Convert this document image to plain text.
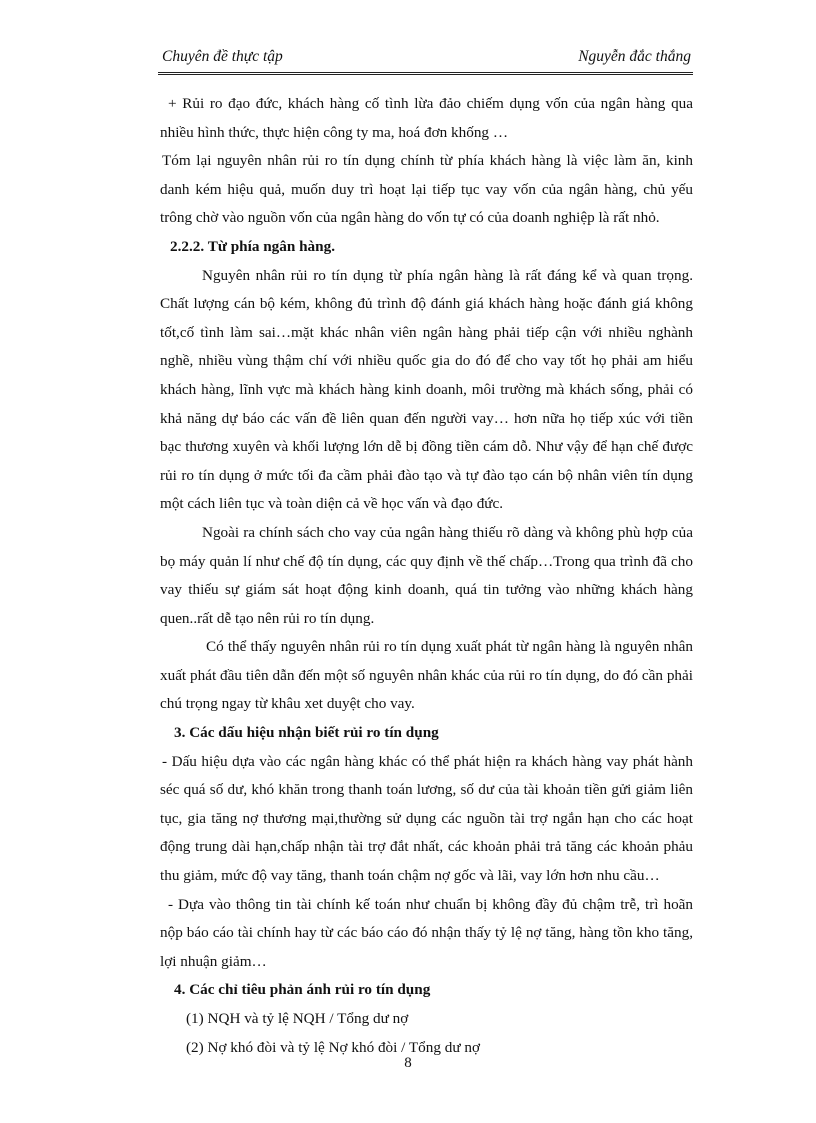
Chuyên đề thực tập	Nguyễn đắc thắng

+ Rủi ro đạo đức, khách hàng cố tình lừa đảo chiếm dụng vốn của ngân hàng qua nhiều hình thức, thực hiện công ty ma, hoá đơn khống …

Tóm lại nguyên nhân rủi ro tín dụng chính từ phía khách hàng là việc làm ăn, kinh danh kém hiệu quả, muốn duy trì hoạt lại tiếp tục vay vốn của ngân hàng, chủ yếu trông chờ vào nguồn vốn của ngân hàng do vốn tự có của doanh nghiệp là rất nhỏ.

2.2.2. Từ phía ngân hàng.

Nguyên nhân rủi ro tín dụng từ phía ngân hàng là rất đáng kể và quan trọng. Chất lượng cán bộ kém, không đủ trình độ đánh giá khách hàng hoặc đánh giá không tốt,cố tình làm sai…mặt khác nhân viên ngân hàng phải tiếp cận với nhiều nghành nghề, nhiều vùng thậm chí với nhiều quốc gia do đó để cho vay tốt họ phải am hiểu khách hàng, lĩnh vực mà khách hàng kinh doanh, môi trường mà khách sống, phải có khả năng dự báo các vấn đề liên quan đến người vay… hơn nữa họ tiếp xúc với tiền bạc thương xuyên và khối lượng lớn dễ bị đồng tiền cám dỗ. Như vậy để hạn chế được rủi ro tín dụng ở mức tối đa cầm phải đào tạo và tự đào tạo cán bộ nhân viên tín dụng một cách liên tục và toàn diện cả về học vấn và đạo đức.

Ngoài ra chính sách cho vay của ngân hàng thiếu rõ dàng và không phù hợp của bọ máy quản lí như chế độ tín dụng, các quy định về thế chấp…Trong qua trình đã cho vay thiếu sự giám sát hoạt động kinh doanh, quá tin tưởng vào những khách hàng quen..rất dễ tạo nên rủi ro tín dụng.

Có thể thấy nguyên nhân rủi ro tín dụng xuất phát từ ngân hàng là nguyên nhân xuất phát đầu tiên dẫn đến một số nguyên nhân khác của rủi ro tín dụng, do đó cần phải chú trọng ngay từ khâu xet duyệt cho vay.

3. Các dấu hiệu nhận biết rủi ro tín dụng

- Dấu hiệu dựa vào các ngân hàng khác có thể phát hiện ra khách hàng vay phát hành séc quá số dư, khó khăn trong thanh toán lương, số dư của tài khoản tiền gửi giảm liên tục, gia tăng nợ thương mại,thường sử dụng các nguồn tài trợ ngắn hạn cho các hoạt động trung dài hạn,chấp nhận tài trợ đắt nhất, các khoản phải trả tăng các khoản phảu thu giảm, mức độ vay tăng, thanh toán chậm nợ gốc và lãi, vay lớn hơn nhu cầu…

- Dựa vào thông tin tài chính kế toán như chuẩn bị không đầy đủ chậm trễ, trì hoãn nộp báo cáo tài chính hay từ các báo cáo đó nhận thấy tỷ lệ nợ tăng, hàng tồn kho tăng, lợi nhuận giảm…

4. Các chỉ tiêu phản ánh rủi ro tín dụng

(1) NQH và tỷ lệ NQH / Tổng dư nợ

(2) Nợ khó đòi và tỷ lệ Nợ khó đòi / Tổng dư nợ

8
